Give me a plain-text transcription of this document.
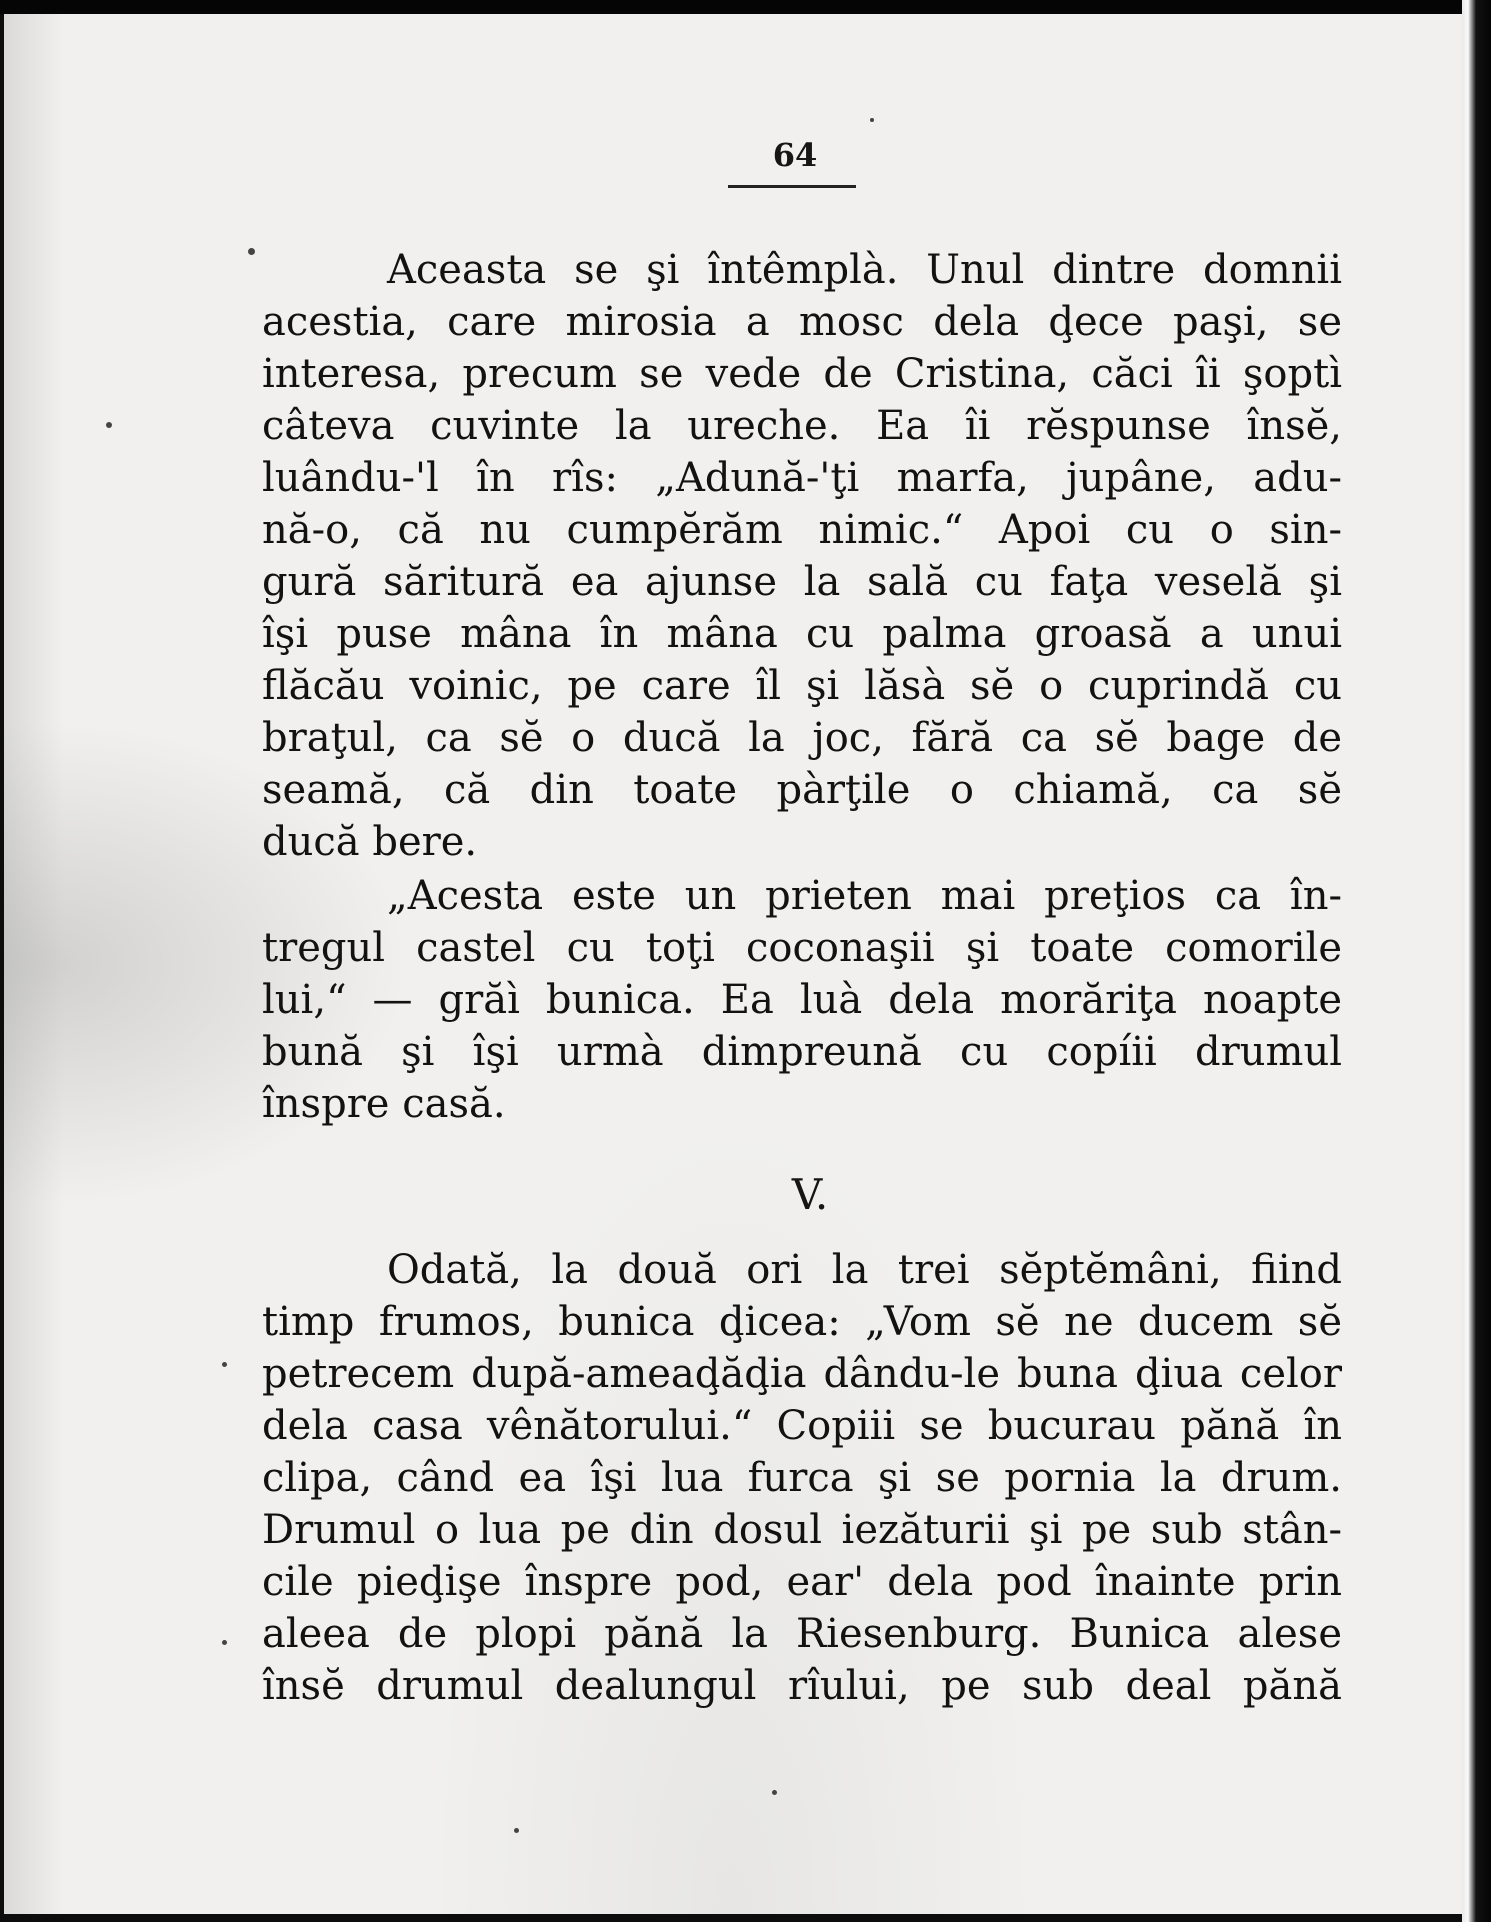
64
Aceasta se şi întêmplà. Unul dintre domnii
acestia, care mirosia a mosc dela ḑece paşi, se
interesa, precum se vede de Cristina, căci îi şoptì
câteva cuvinte la ureche. Ea îi rĕspunse însĕ,
luându-'l în rîs: „Adună-'ţi marfa, jupâne, adu-
nă-o, că nu cumpĕrăm nimic.“ Apoi cu o sin-
gură săritură ea ajunse la sală cu faţa veselă şi
îşi puse mâna în mâna cu palma groasă a unui
flăcău voinic, pe care îl şi lăsà sĕ o cuprindă cu
braţul, ca sĕ o ducă la joc, fără ca sĕ bage de
seamă, că din toate pàrţile o chiamă, ca sĕ
ducă bere.
„Acesta este un prieten mai preţios ca în-
tregul castel cu toţi coconaşii şi toate comorile
lui,“ — grăì bunica. Ea luà dela morăriţa noapte
bună şi îşi urmà dimpreună cu copíii drumul
înspre casă.
V.
Odată, la două ori la trei sĕptĕmâni, fiind
timp frumos, bunica ḑicea: „Vom sĕ ne ducem sĕ
petrecem după-ameaḑăḑia dându-le buna ḑiua celor
dela casa vênătorului.“ Copiii se bucurau pănă în
clipa, când ea îşi lua furca şi se pornia la drum.
Drumul o lua pe din dosul iezăturii şi pe sub stân-
cile pieḑişe înspre pod, ear' dela pod înainte prin
aleea de plopi pănă la Riesenburg. Bunica alese
însĕ drumul dealungul rîului, pe sub deal pănă
